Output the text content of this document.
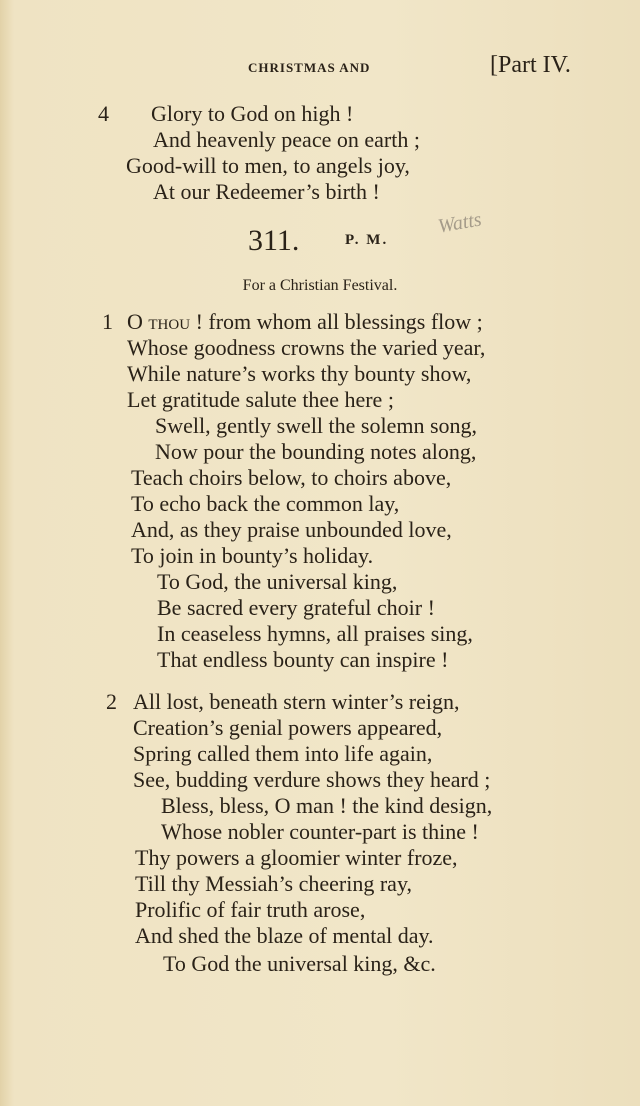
CHRISTMAS AND	[Part IV.
4 Glory to God on high !
And heavenly peace on earth ;
Good-will to men, to angels joy,
At our Redeemer’s birth !
311.	P. M.
Watts
For a Christian Festival.
1 O thou ! from whom all blessings flow ;
Whose goodness crowns the varied year,
While nature’s works thy bounty show,
Let gratitude salute thee here ;
Swell, gently swell the solemn song,
Now pour the bounding notes along,
Teach choirs below, to choirs above,
To echo back the common lay,
And, as they praise unbounded love,
To join in bounty’s holiday.
To God, the universal king,
Be sacred every grateful choir !
In ceaseless hymns, all praises sing,
That endless bounty can inspire !
2 All lost, beneath stern winter’s reign,
Creation’s genial powers appeared,
Spring called them into life again,
See, budding verdure shows they heard ;
Bless, bless, O man ! the kind design,
Whose nobler counter-part is thine !
Thy powers a gloomier winter froze,
Till thy Messiah’s cheering ray,
Prolific of fair truth arose,
And shed the blaze of mental day.
To God the universal king, &c.
